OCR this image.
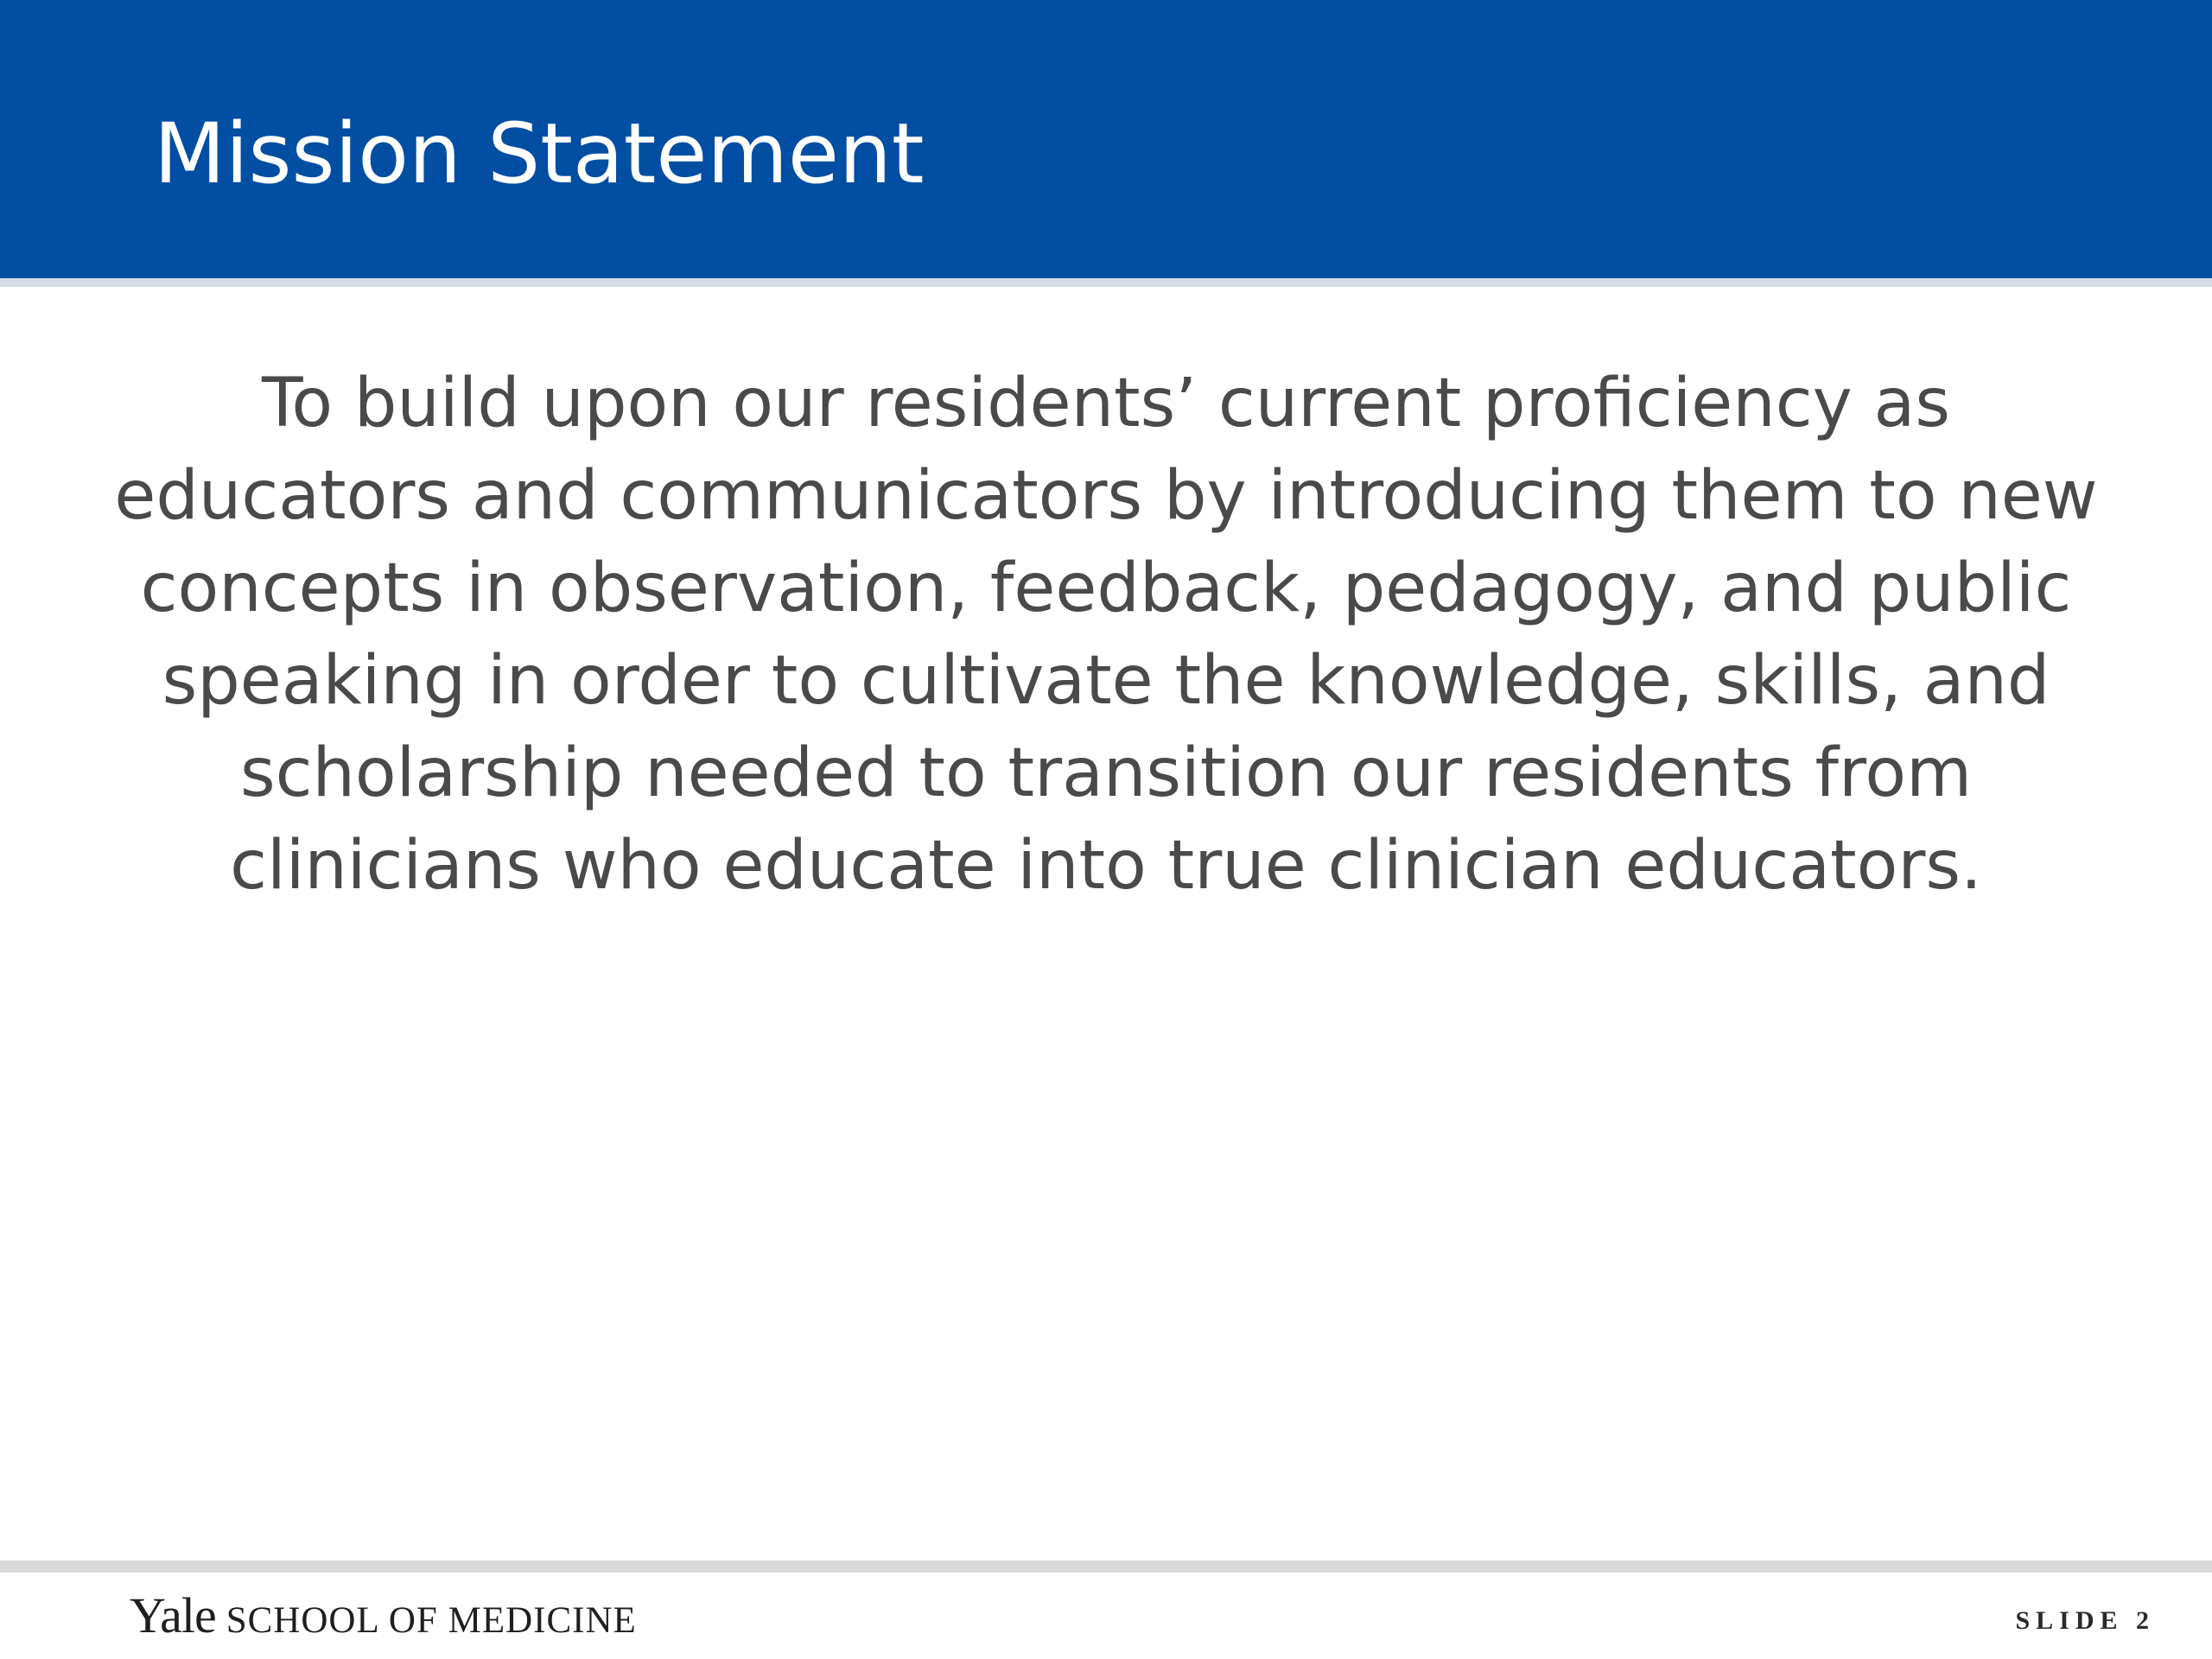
Mission Statement

To build upon our residents’ current proficiency as educators and communicators by introducing them to new concepts in observation, feedback, pedagogy, and public speaking in order to cultivate the knowledge, skills, and scholarship needed to transition our residents from clinicians who educate into true clinician educators.

Yale SCHOOL OF MEDICINE	SLIDE 2
